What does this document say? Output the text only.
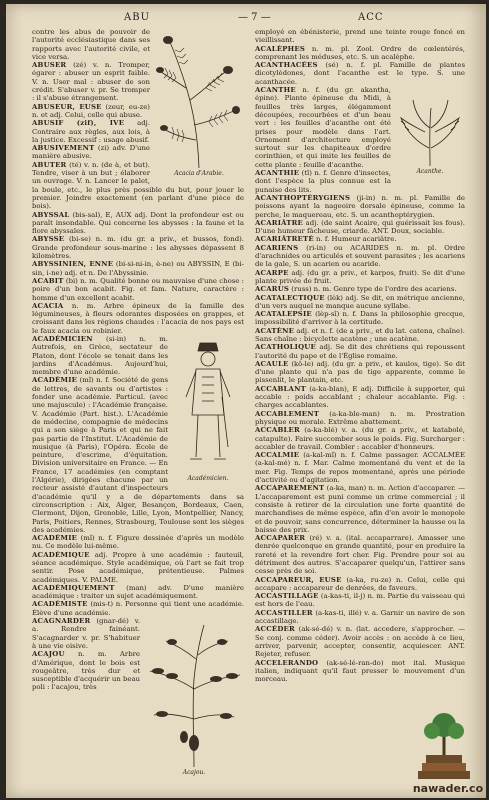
ABU	— 7 —	ACC
Acacia d'Arabie.

contre les abus de pouvoir de l'autorité ecclésiastique dans ses rapports avec l'autorité civile, et vice versa.

ABUSER (zé) v. n. Tromper, égarer : abuser un esprit faible. V. n. User mal : abuser de son crédit. S'abuser v. pr. Se tromper : il s'abuse étrangement.

ABUSEUR, EUSE (zeur, eu-ze) n. et adj. Celui, celle qui abuse.

ABUSIF (zif), IVE adj. Contraire aux règles, aux lois, à la justice. Excessif : usage abusif.

ABUSIVEMENT (zi) adv. D'une manière abusive.

ABUTER (té) v. n. (de à, et but). Tendre, viser à un but ; élaborer un ouvrage. V. n. Lancer le palet, la boule, etc., le plus près possible du but, pour jouer le premier. Joindre exactement (en parlant d'une pièce de bois).

ABYSSAL (bis-sal), E, AUX adj. Dont la profondeur est ou paraît insondable. Qui concerne les abysses : la faune et la flore abyssales.

ABYSSE (bi-se) n. m. (du gr. a priv., et bussos, fond). Grande profondeur sous-marine : les abysses dépassent 8 kilomètres.

ABYSSINIEN, ENNE (bi-si-ni-in, è-ne) ou ABYSSIN, E (bi-sin, i-ne) adj. et n. De l'Abyssinie.

ACABIT (bi) n. m. Qualité bonne ou mauvaise d'une chose : poire d'un bon acabit. Fig. et fam. Nature, caractère : homme d'un excellent acabit.

ACACIA n. m. Arbre épineux de la famille des légumineuses, à fleurs odorantes disposées en grappes, et croissant dans les régions chaudes : l'acacia de nos pays est le faux acacia ou robinier.

Académicien.

ACADÉMICIEN (si-in) n. m. Autrefois, en Grèce, sectateur de Platon, dont l'école se tenait dans les jardins d'Académus. Aujourd'hui, membre d'une académie.

ACADÉMIE (mî) n. f. Société de gens de lettres, de savants ou d'artistes : fonder une académie. Particul. (avec une majuscule) : l'Académie française. V. Académie (Part. hist.). L'Académie de médecine, compagnie de médecins qui a son siège à Paris et qui ne fait pas partie de l'Institut. L'Académie de musique (à Paris), l'Opéra. École de peinture, d'escrime, d'équitation. Division universitaire en France. — En France, 17 académies (en comptant l'Algérie), dirigées chacune par un recteur assisté d'autant d'inspecteurs d'académie qu'il y a de départements dans sa circonscription : Aix, Alger, Besançon, Bordeaux, Caen, Clermont, Dijon, Grenoble, Lille, Lyon, Montpellier, Nancy, Paris, Poitiers, Rennes, Strasbourg, Toulouse sont les sièges des académies.

ACADÉMIE (mî) n. f. Figure dessinée d'après un modèle nu. Ce modèle lui-même.

ACADÉMIQUE adj. Propre à une académie : fauteuil, séance académique. Style académique, où l'art se fait trop sentir. Pose académique, prétentieuse. Palmes académiques. V. PALME.

ACADÉMIQUEMENT (man) adv. D'une manière académique : traiter un sujet académiquement.

ACADÉMISTE (mis-t) n. Personne qui tient une académie. Élève d'une académie.

Acajou.

ACAGNARDER (gnar-dé) v. a. Rendre fainéant. S'acagnarder v. pr. S'habituer à une vie oisive.

ACAJOU n. m. Arbre d'Amérique, dont le bois est rougeâtre, très dur et susceptible d'acquérir un beau poli : l'acajou, très

employé en ébénisterie, prend une teinte rouge foncé en vieillissant.

ACALÈPHES n. m. pl. Zool. Ordre de cœlentérés, comprenant les méduses, etc. S. un acalèphe.

ACANTHACÉES (sé) n. f. pl. Famille de plantes dicotylédones, dont l'acanthe est le type. S. une acanthacée.

Acanthe.

ACANTHE n. f. (du gr. akantha, épine). Plante épineuse du Midi, à feuilles très larges, élégamment découpées, recourbées et d'un beau vert : les feuilles d'acanthe ont été prises pour modèle dans l'art. Ornement d'architecture employé surtout sur les chapiteaux d'ordre corinthien, et qui imite les feuilles de cette plante : feuille d'acanthe.

ACANTHIE (tî) n. f. Genre d'insectes, dont l'espèce la plus connue est la punaise des lits.

ACANTHOPTÉRYGIENS (ji-in) n. m. pl. Famille de poissons ayant la nageoire dorsale épineuse, comme la perche, le maquereau, etc. S. un acanthoptérygien.

ACARIÂTRE adj. (de saint Acaire, qui guérissait les fous). D'une humeur fâcheuse, criarde. ANT. Doux, sociable.

ACARIÂTRETÉ n. f. Humeur acariâtre.

ACARIENS (ri-in) ou ACARIDES n. m. pl. Ordre d'arachnides ou articulés et souvent parasites ; les acariens de la gale, S. un acarien ou acaride.

ACARPE adj. (du gr. a priv., et karpos, fruit). Se dit d'une plante privée de fruit.

ACARUS (russ) n. m. Genre type de l'ordre des acariens.

ACATALECTIQUE (lèk) adj. Se dit, en métrique ancienne, d'un vers auquel ne manque aucune syllabe.

ACATALEPSIE (lèp-sî) n. f. Dans la philosophie grecque, impossibilité d'arriver à la certitude.

ACATÈNE adj. et n. f. (de a priv., et du lat. catena, chaîne). Sans chaîne : bicyclette acatène ; une acatène.

ACATHOLIQUE adj. Se dit des chrétiens qui repoussent l'autorité du pape et de l'Église romaine.

ACAULE (kô-le) adj. (du gr. a priv., et kaulos, tige). Se dit d'une plante qui n'a pas de tige apparente, comme le pissenlit, le plantain, etc.

ACCABLANT (a-ka-blan), E adj. Difficile à supporter, qui accable : poids accablant ; chaleur accablante. Fig. : charges accablantes.

ACCABLEMENT (a-ka-ble-man) n. m. Prostration physique ou morale. Extrême abattement.

ACCABLER (a-ka-blé) v. a. (du gr. a priv., et katabolé, catapulte). Faire succomber sous le poids. Fig. Surcharger : accabler de travail. Combler : accabler d'honneurs.

ACCALMIE (a-kal-mî) n. f. Calme passager. ACCALMÉE (a-kal-mé) n. f. Mar. Calme momentané du vent et de la mer. Fig. Temps de repos momentané, après une période d'activité ou d'agitation.

ACCAPAREMENT (a-ka, man) n. m. Action d'accaparer. — L'accaparement est puni comme un crime commercial ; il consiste à retirer de la circulation une forte quantité de marchandises de même espèce, afin d'en avoir le monopole et de pouvoir, sans concurrence, déterminer la hausse ou la baisse des prix.

ACCAPARER (ré) v. a. (ital. accaparrare). Amasser une denrée quelconque en grande quantité, pour en produire la rareté et la revendre fort cher. Fig. Prendre pour soi au détriment des autres. S'accaparer quelqu'un, l'attirer sans cesse près de soi.

ACCAPAREUR, EUSE (a-ka, ru-ze) n. Celui, celle qui accapare : accapareur de denrées, de faveurs.

ACCASTILLAGE (a-kas-ti, il-j) n. m. Partie du vaisseau qui est hors de l'eau.

ACCASTILLER (a-kas-ti, illé) v. a. Garnir un navire de son accastillage.

ACCÉDER (ak-sé-dé) v. n. (lat. accedere, s'approcher. — Se conj. comme céder). Avoir accès : on accède à ce lieu, arriver, parvenir, accepter, consentir, acquiescer. ANT. Rejeter, refuser.

ACCELERANDO (ak-sé-lé-ran-do) mot ital. Musique italien, indiquant qu'il faut presser le mouvement d'un morceau.

nawader.co
